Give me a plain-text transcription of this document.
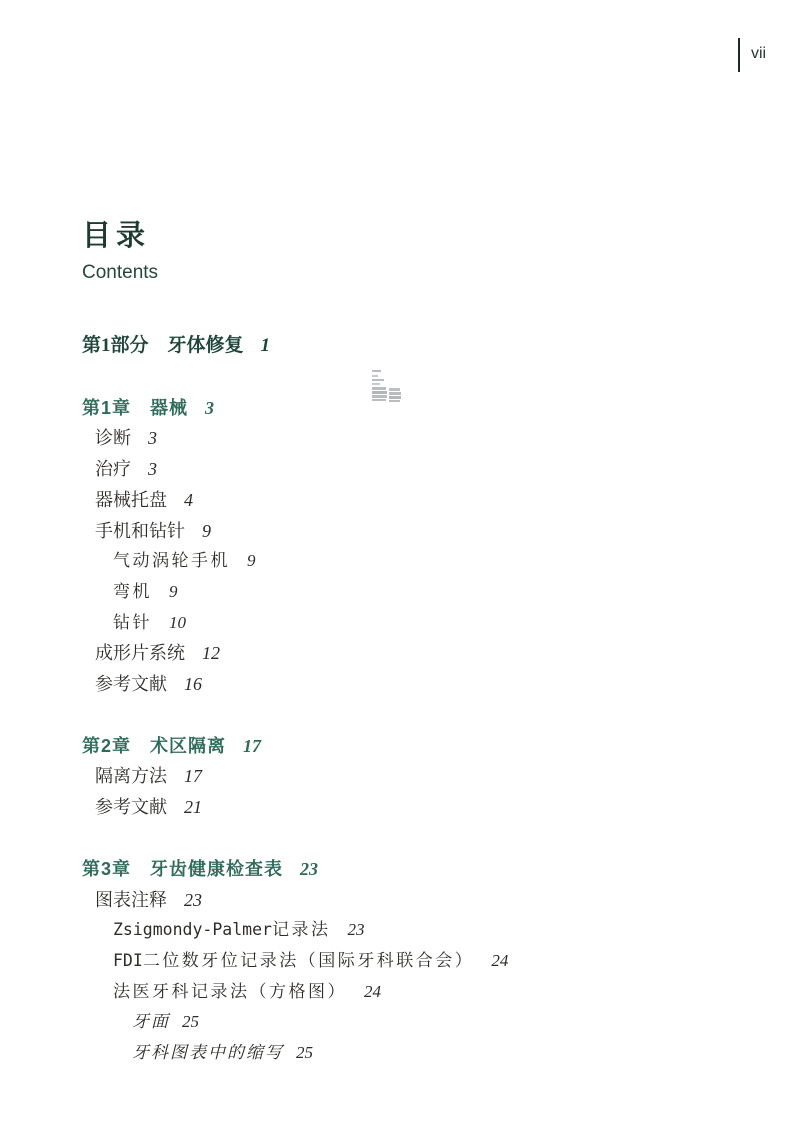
vii
目录
Contents
第1部分　牙体修复 1
第1章　器械 3
诊断 3
治疗 3
器械托盘 4
手机和钻针 9
气动涡轮手机 9
弯机 9
钻针 10
成形片系统 12
参考文献 16
第2章　术区隔离 17
隔离方法 17
参考文献 21
第3章　牙齿健康检查表 23
图表注释 23
Zsigmondy-Palmer记录法 23
FDI二位数牙位记录法（国际牙科联合会） 24
法医牙科记录法（方格图） 24
牙面 25
牙科图表中的缩写 25
